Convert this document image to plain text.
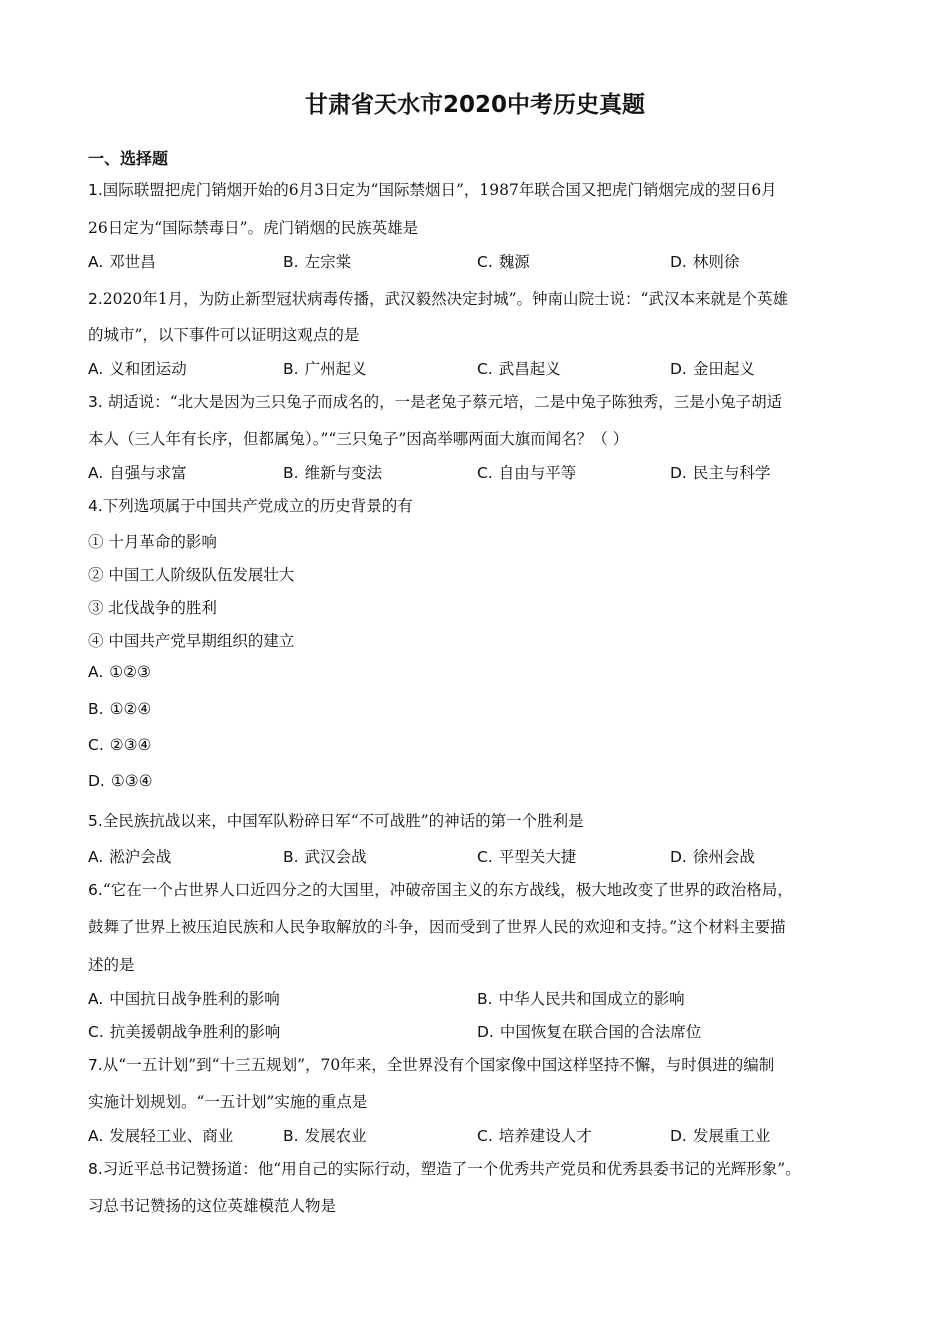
甘肃省天水市2020中考历史真题
一、选择题
1.国际联盟把虎门销烟开始的6月3日定为“国际禁烟日”，1987年联合国又把虎门销烟完成的翌日6月
26日定为“国际禁毒日”。虎门销烟的民族英雄是
A. 邓世昌	B. 左宗棠	C. 魏源	D. 林则徐
2.2020年1月，为防止新型冠状病毒传播，武汉毅然决定封城”。钟南山院士说：“武汉本来就是个英雄
的城市”，以下事件可以证明这观点的是
A. 义和团运动	B. 广州起义	C. 武昌起义	D. 金田起义
3. 胡适说：“北大是因为三只兔子而成名的，一是老兔子蔡元培，二是中兔子陈独秀，三是小兔子胡适
本人（三人年有长序，但都属兔）。”“三只兔子”因高举哪两面大旗而闻名？（ ）
A. 自强与求富	B. 维新与变法	C. 自由与平等	D. 民主与科学
4.下列选项属于中国共产党成立的历史背景的有
① 十月革命的影响
② 中国工人阶级队伍发展壮大
③ 北伐战争的胜利
④ 中国共产党早期组织的建立
A. ①②③
B. ①②④
C. ②③④
D. ①③④
5.全民族抗战以来，中国军队粉碎日军“不可战胜”的神话的第一个胜利是
A. 淞沪会战	B. 武汉会战	C. 平型关大捷	D. 徐州会战
6.“它在一个占世界人口近四分之的大国里，冲破帝国主义的东方战线，极大地改变了世界的政治格局，
鼓舞了世界上被压迫民族和人民争取解放的斗争，因而受到了世界人民的欢迎和支持。”这个材料主要描
述的是
A. 中国抗日战争胜利的影响	B. 中华人民共和国成立的影响
C. 抗美援朝战争胜利的影响	D. 中国恢复在联合国的合法席位
7.从“一五计划”到“十三五规划”，70年来，全世界没有个国家像中国这样坚持不懈，与时俱进的编制
实施计划规划。“一五计划”实施的重点是
A. 发展轻工业、商业	B. 发展农业	C. 培养建设人才	D. 发展重工业
8.习近平总书记赞扬道：他“用自己的实际行动，塑造了一个优秀共产党员和优秀县委书记的光辉形象”。
习总书记赞扬的这位英雄模范人物是
